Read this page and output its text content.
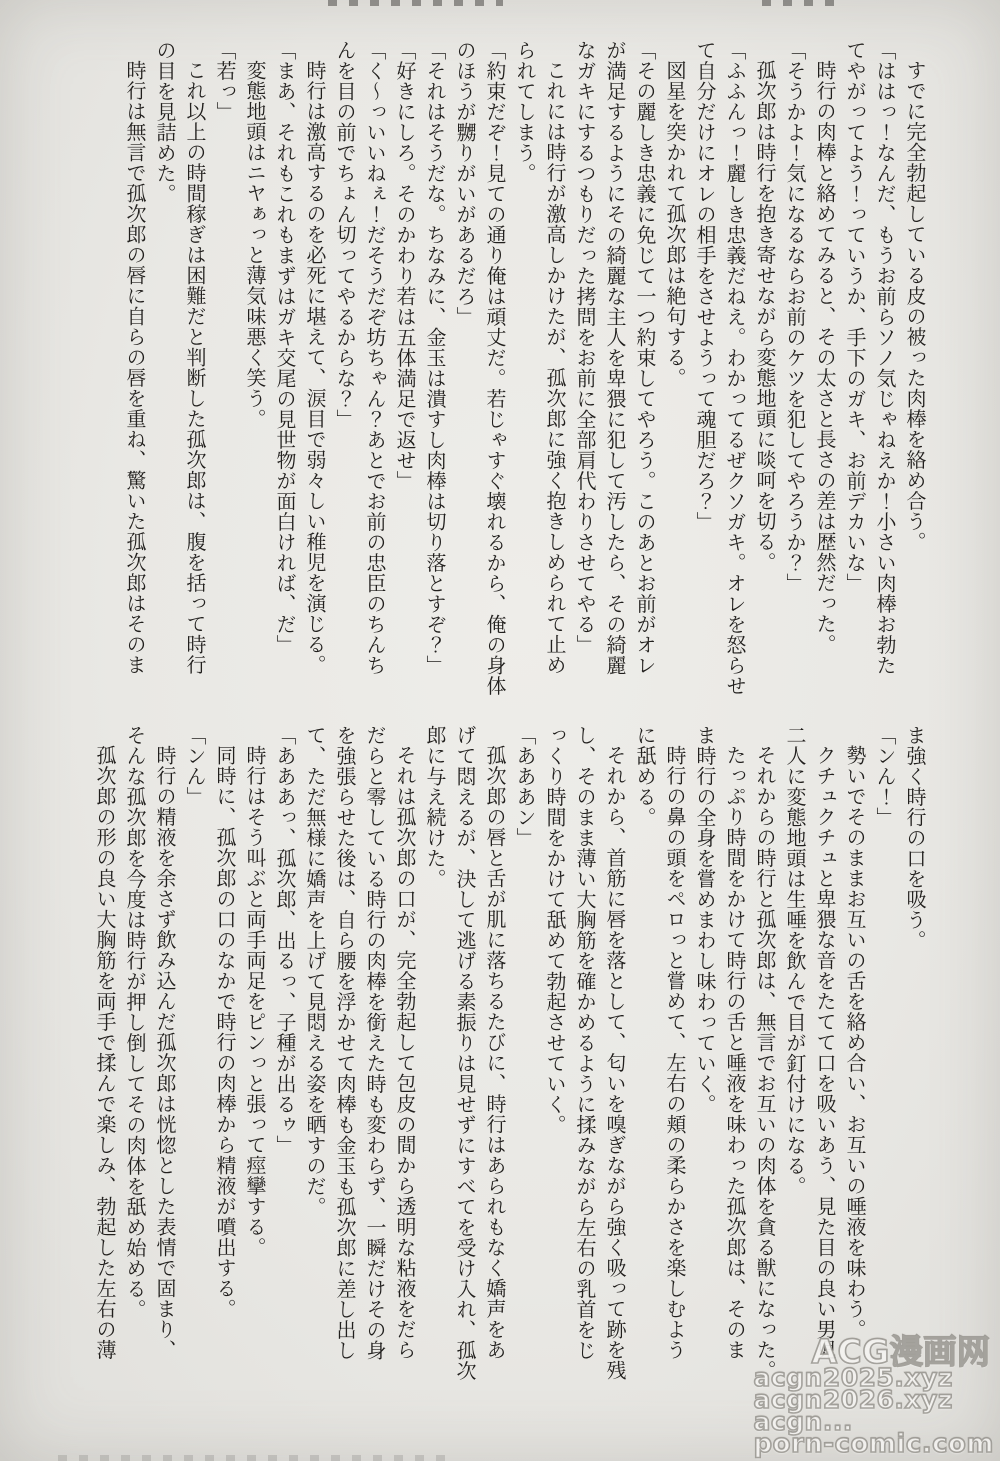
すでに完全勃起している皮の被った肉棒を絡め合う。
「ははっ！なんだ、もうお前らソノ気じゃねえか！小さい肉棒お勃た
てやがってよう！っていうか、手下のガキ、お前デカいな」
時行の肉棒と絡めてみると、その太さと長さの差は歴然だった。
「そうかよ！気になるならお前のケツを犯してやろうか？」
孤次郎は時行を抱き寄せながら変態地頭に啖呵を切る。
「ふふんっ！麗しき忠義だねえ。わかってるぜクソガキ。オレを怒らせ
て自分だけにオレの相手をさせようって魂胆だろ？」
図星を突かれて孤次郎は絶句する。
「その麗しき忠義に免じて一つ約束してやろう。このあとお前がオレ
が満足するようにその綺麗な主人を卑猥に犯して汚したら、その綺麗
なガキにするつもりだった拷問をお前に全部肩代わりさせてやる」
これには時行が激高しかけたが、孤次郎に強く抱きしめられて止め
られてしまう。
「約束だぞ！見ての通り俺は頑丈だ。若じゃすぐ壊れるから、俺の身体
のほうが嬲りがいがあるだろ」
「それはそうだな。ちなみに、金玉は潰すし肉棒は切り落とすぞ？」
「好きにしろ。そのかわり若は五体満足で返せ」
「く～っいいねぇ！だそうだぞ坊ちゃん？あとでお前の忠臣のちんち
んを目の前でちょん切ってやるからな？」
時行は激高するのを必死に堪えて、涙目で弱々しい稚児を演じる。
「まあ、それもこれもまずはガキ交尾の見世物が面白ければ、だ」
変態地頭はニヤぁっと薄気味悪く笑う。
「若っ」
これ以上の時間稼ぎは困難だと判断した孤次郎は、腹を括って時行
の目を見詰めた。
時行は無言で孤次郎の唇に自らの唇を重ね、驚いた孤次郎はそのま
ま強く時行の口を吸う。
「ンん！」
勢いでそのままお互いの舌を絡め合い、お互いの唾液を味わう。
クチュクチュと卑猥な音をたてて口を吸いあう、見た目の良い男児
二人に変態地頭は生唾を飲んで目が釘付けになる。
それからの時行と孤次郎は、無言でお互いの肉体を貪る獣になった。
たっぷり時間をかけて時行の舌と唾液を味わった孤次郎は、そのま
ま時行の全身を嘗めまわし味わっていく。
時行の鼻の頭をペロっと嘗めて、左右の頬の柔らかさを楽しむよう
に舐める。
それから、首筋に唇を落として、匂いを嗅ぎながら強く吸って跡を残
し、そのまま薄い大胸筋を確かめるように揉みながら左右の乳首をじ
っくり時間をかけて舐めて勃起させていく。
「あああン」
孤次郎の唇と舌が肌に落ちるたびに、時行はあられもなく嬌声をあ
げて悶えるが、決して逃げる素振りは見せずにすべてを受け入れ、孤次
郎に与え続けた。
それは孤次郎の口が、完全勃起して包皮の間から透明な粘液をだら
だらと零している時行の肉棒を銜えた時も変わらず、一瞬だけその身
を強張らせた後は、自ら腰を浮かせて肉棒も金玉も孤次郎に差し出し
て、ただ無様に嬌声を上げて見悶える姿を晒すのだ。
「あああっ、孤次郎、出るっ、子種が出るゥ」
時行はそう叫ぶと両手両足をピンっと張って痙攣する。
同時に、孤次郎の口のなかで時行の肉棒から精液が噴出する。
「ンん」
時行の精液を余さず飲み込んだ孤次郎は恍惚とした表情で固まり、
そんな孤次郎を今度は時行が押し倒してその肉体を舐め始める。
孤次郎の形の良い大胸筋を両手で揉んで楽しみ、勃起した左右の薄	ACG漫画网
acgn2025.xyz
acgn2026.xyz
acgn...
porn-comic.com
